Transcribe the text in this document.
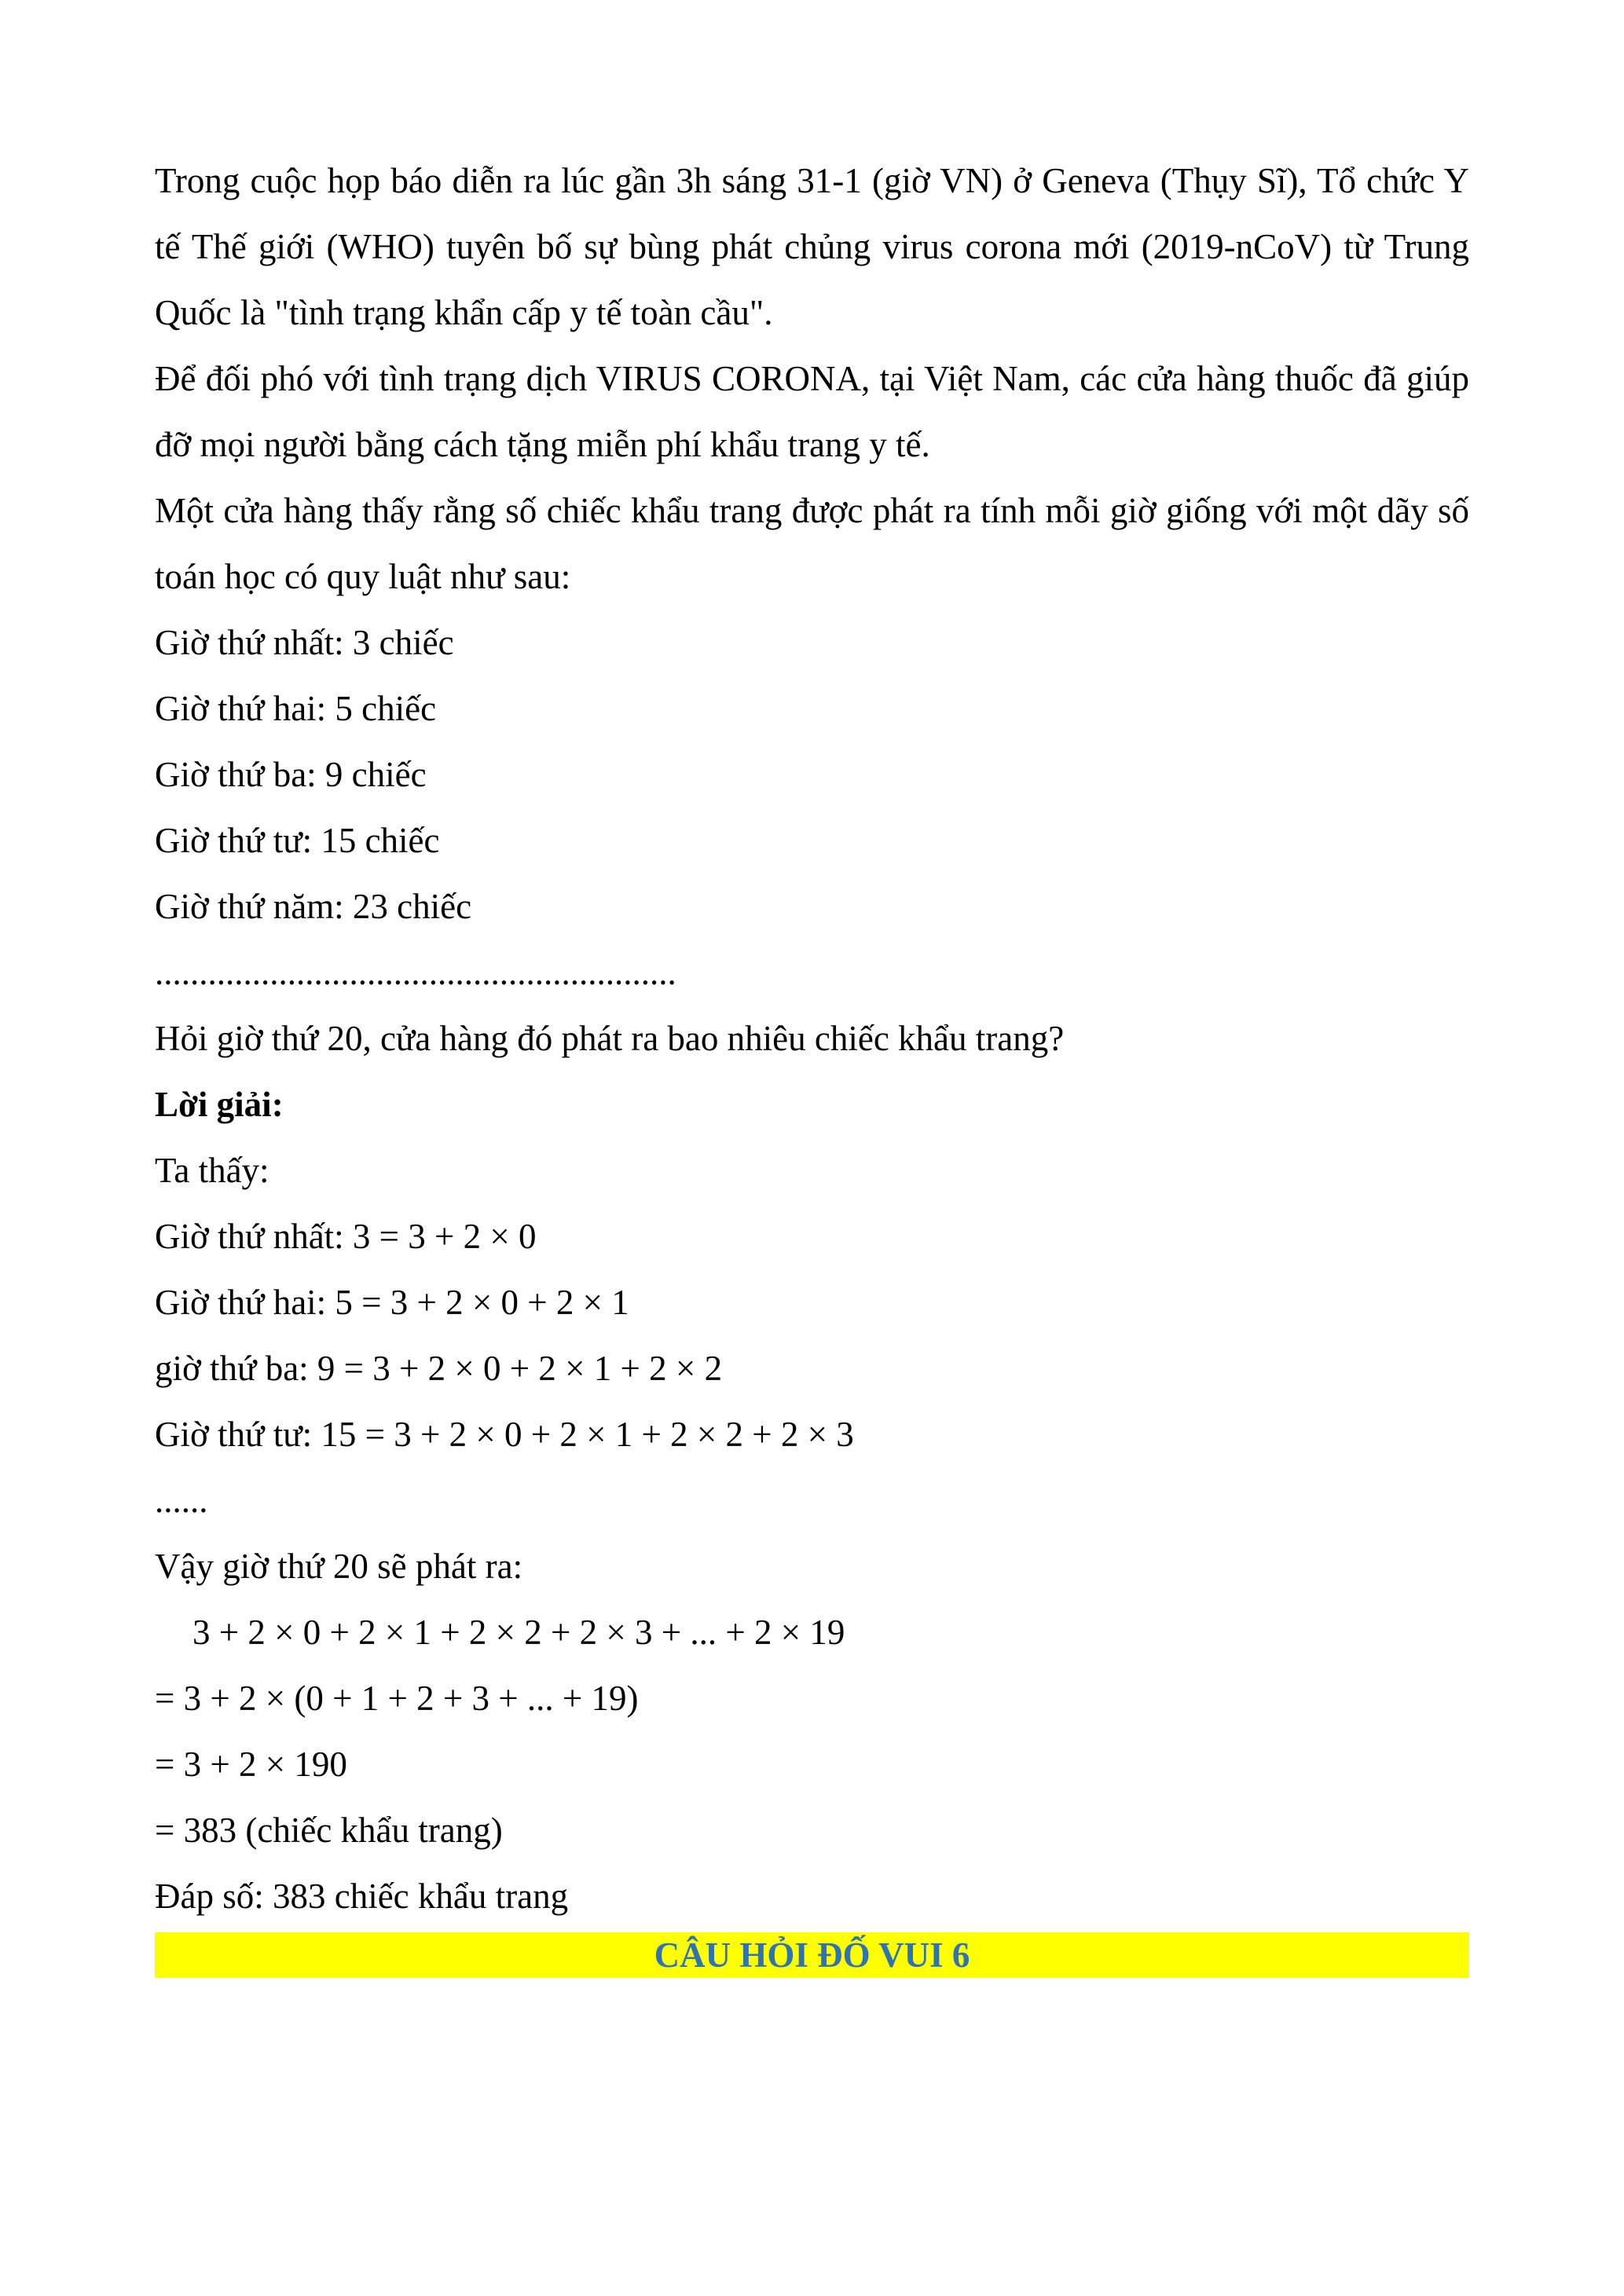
Trong cuộc họp báo diễn ra lúc gần 3h sáng 31-1 (giờ VN) ở Geneva (Thụy Sĩ), Tổ chức Y tế Thế giới (WHO) tuyên bố sự bùng phát chủng virus corona mới (2019-nCoV) từ Trung Quốc là "tình trạng khẩn cấp y tế toàn cầu".

Để đối phó với tình trạng dịch VIRUS CORONA, tại Việt Nam, các cửa hàng thuốc đã giúp đỡ mọi người bằng cách tặng miễn phí khẩu trang y tế.

Một cửa hàng thấy rằng số chiếc khẩu trang được phát ra tính mỗi giờ giống với một dãy số toán học có quy luật như sau:

Giờ thứ nhất: 3 chiếc

Giờ thứ hai: 5 chiếc

Giờ thứ ba: 9 chiếc

Giờ thứ tư: 15 chiếc

Giờ thứ năm: 23 chiếc

...........................................................

Hỏi giờ thứ 20, cửa hàng đó phát ra bao nhiêu chiếc khẩu trang?

Lời giải:

Ta thấy:

Giờ thứ nhất: 3 = 3 + 2 × 0

Giờ thứ hai: 5 = 3 + 2 × 0 + 2 × 1

giờ thứ ba: 9 = 3 + 2 × 0 + 2 × 1 + 2 × 2

Giờ thứ tư: 15 = 3 + 2 × 0 + 2 × 1 + 2 × 2 + 2 × 3

......

Vậy giờ thứ 20 sẽ phát ra:

3 + 2 × 0 + 2 × 1 + 2 × 2 + 2 × 3 + ... + 2 × 19

= 3 + 2 × (0 + 1 + 2 + 3 + ... + 19)

= 3 + 2 × 190

= 383 (chiếc khẩu trang)

Đáp số: 383 chiếc khẩu trang

CÂU HỎI ĐỐ VUI 6
